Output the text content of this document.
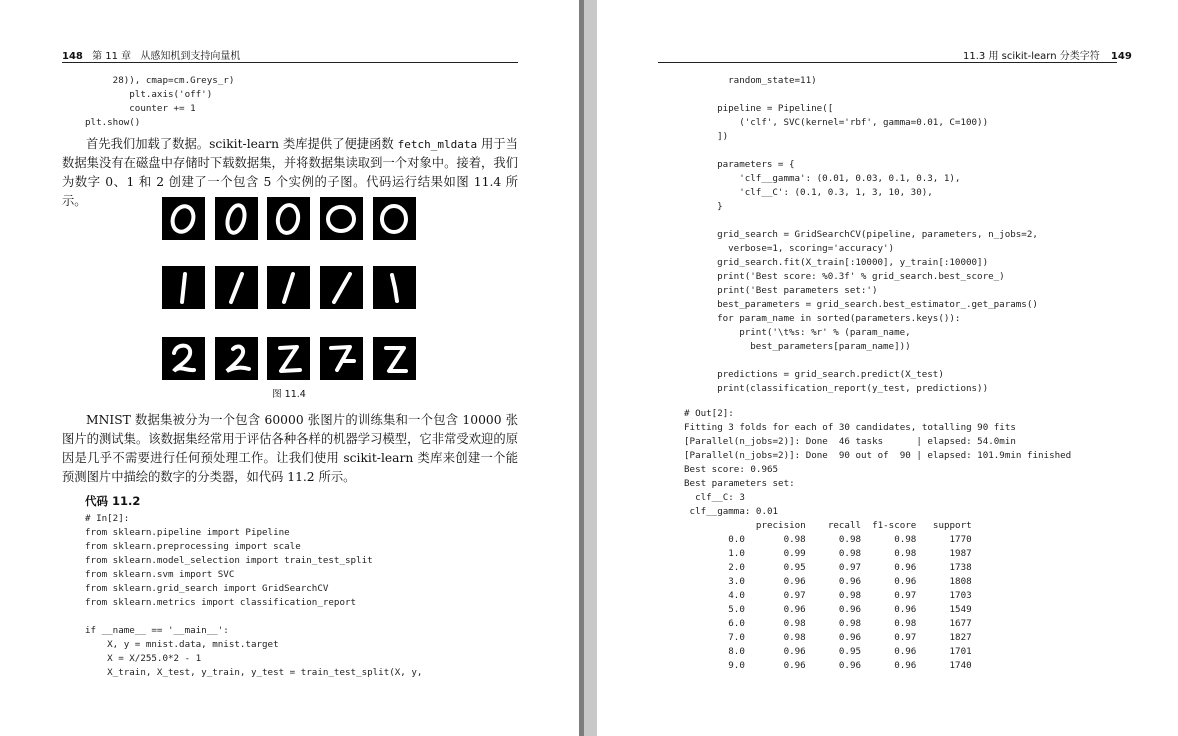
148 第 11 章 从感知机到支持向量机
28)), cmap=cm.Greys_r)
plt.axis('off')
counter += 1
plt.show()
首先我们加载了数据。scikit-learn 类库提供了便捷函数 fetch_mldata 用于当数据集没有在磁盘中存储时下载数据集，并将数据集读取到一个对象中。接着，我们为数字 0、1 和 2 创建了一个包含 5 个实例的子图。代码运行结果如图 11.4 所示。
图 11.4
MNIST 数据集被分为一个包含 60000 张图片的训练集和一个包含 10000 张图片的测试集。该数据集经常用于评估各种各样的机器学习模型，它非常受欢迎的原因是几乎不需要进行任何预处理工作。让我们使用 scikit-learn 类库来创建一个能预测图片中描绘的数字的分类器，如代码 11.2 所示。
代码 11.2
# In[2]:
from sklearn.pipeline import Pipeline
from sklearn.preprocessing import scale
from sklearn.model_selection import train_test_split
from sklearn.svm import SVC
from sklearn.grid_search import GridSearchCV
from sklearn.metrics import classification_report

if __name__ == '__main__':
X, y = mnist.data, mnist.target
X = X/255.0*2 - 1
X_train, X_test, y_train, y_test = train_test_split(X, y,
11.3 用 scikit-learn 分类字符 149
random_state=11)

pipeline = Pipeline([
('clf', SVC(kernel='rbf', gamma=0.01, C=100))
])

parameters = {
'clf__gamma': (0.01, 0.03, 0.1, 0.3, 1),
'clf__C': (0.1, 0.3, 1, 3, 10, 30),
}

grid_search = GridSearchCV(pipeline, parameters, n_jobs=2,
verbose=1, scoring='accuracy')
grid_search.fit(X_train[:10000], y_train[:10000])
print('Best score: %0.3f' % grid_search.best_score_)
print('Best parameters set:')
best_parameters = grid_search.best_estimator_.get_params()
for param_name in sorted(parameters.keys()):
print('\t%s: %r' % (param_name,
best_parameters[param_name]))

predictions = grid_search.predict(X_test)
print(classification_report(y_test, predictions))
# Out[2]:
Fitting 3 folds for each of 30 candidates, totalling 90 fits
[Parallel(n_jobs=2)]: Done  46 tasks      | elapsed: 54.0min
[Parallel(n_jobs=2)]: Done  90 out of  90 | elapsed: 101.9min finished
Best score: 0.965
Best parameters set:
clf__C: 3
clf__gamma: 0.01
precision    recall  f1-score   support
0.0       0.98      0.98      0.98      1770
1.0       0.99      0.98      0.98      1987
2.0       0.95      0.97      0.96      1738
3.0       0.96      0.96      0.96      1808
4.0       0.97      0.98      0.97      1703
5.0       0.96      0.96      0.96      1549
6.0       0.98      0.98      0.98      1677
7.0       0.98      0.96      0.97      1827
8.0       0.96      0.95      0.96      1701
9.0       0.96      0.96      0.96      1740
